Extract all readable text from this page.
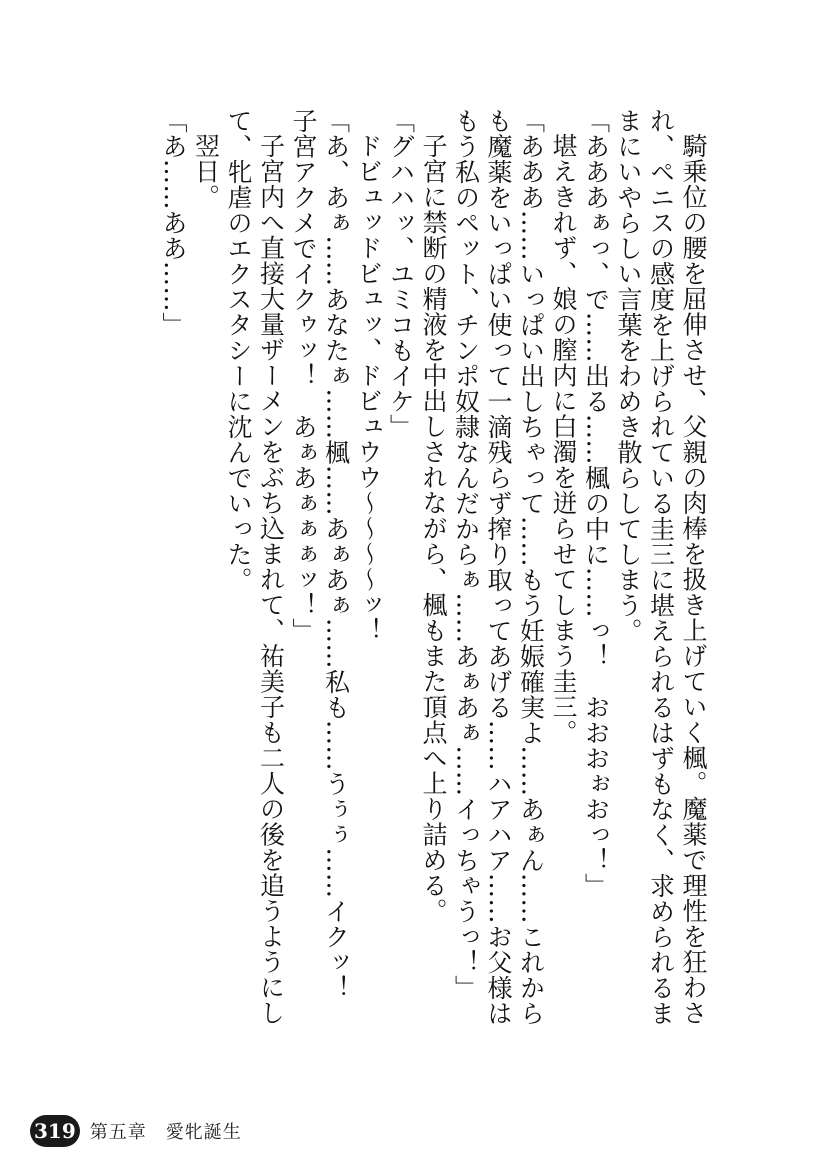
騎乗位の腰を屈伸させ、父親の肉棒を扱き上げていく楓。魔薬で理性を狂わされ、ペニスの感度を上げられている圭三に堪えられるはずもなく、求められるままにいやらしい言葉をわめき散らしてしまう。

「あああぁっ、で……出る……楓の中に……っ！　おおおぉおっ！」

堪えきれず、娘の膣内に白濁を迸らせてしまう圭三。

「あああ……いっぱい出しちゃって……もう妊娠確実よ……あぁん……これからも魔薬をいっぱい使って一滴残らず搾り取ってあげる……ハアハア……お父様はもう私のペット、チンポ奴隷なんだからぁ……あぁあぁ……イっちゃうっ！」

子宮に禁断の精液を中出しされながら、楓もまた頂点へ上り詰める。

「グハハッ、ユミコもイケ」

ドビュッドビュッ、ドビュウウ〜〜〜〜ッ！

「あ、あぁ……あなたぁ……楓……あぁあぁ……私も……うぅぅ……イクッ！　子宮アクメでイクゥッ！　あぁあぁぁぁッ！」

子宮内へ直接大量ザーメンをぶち込まれて、祐美子も二人の後を追うようにして、牝虐のエクスタシーに沈んでいった。

翌日。

「あ……ああ……」

319 第五章　 愛牝誕生
